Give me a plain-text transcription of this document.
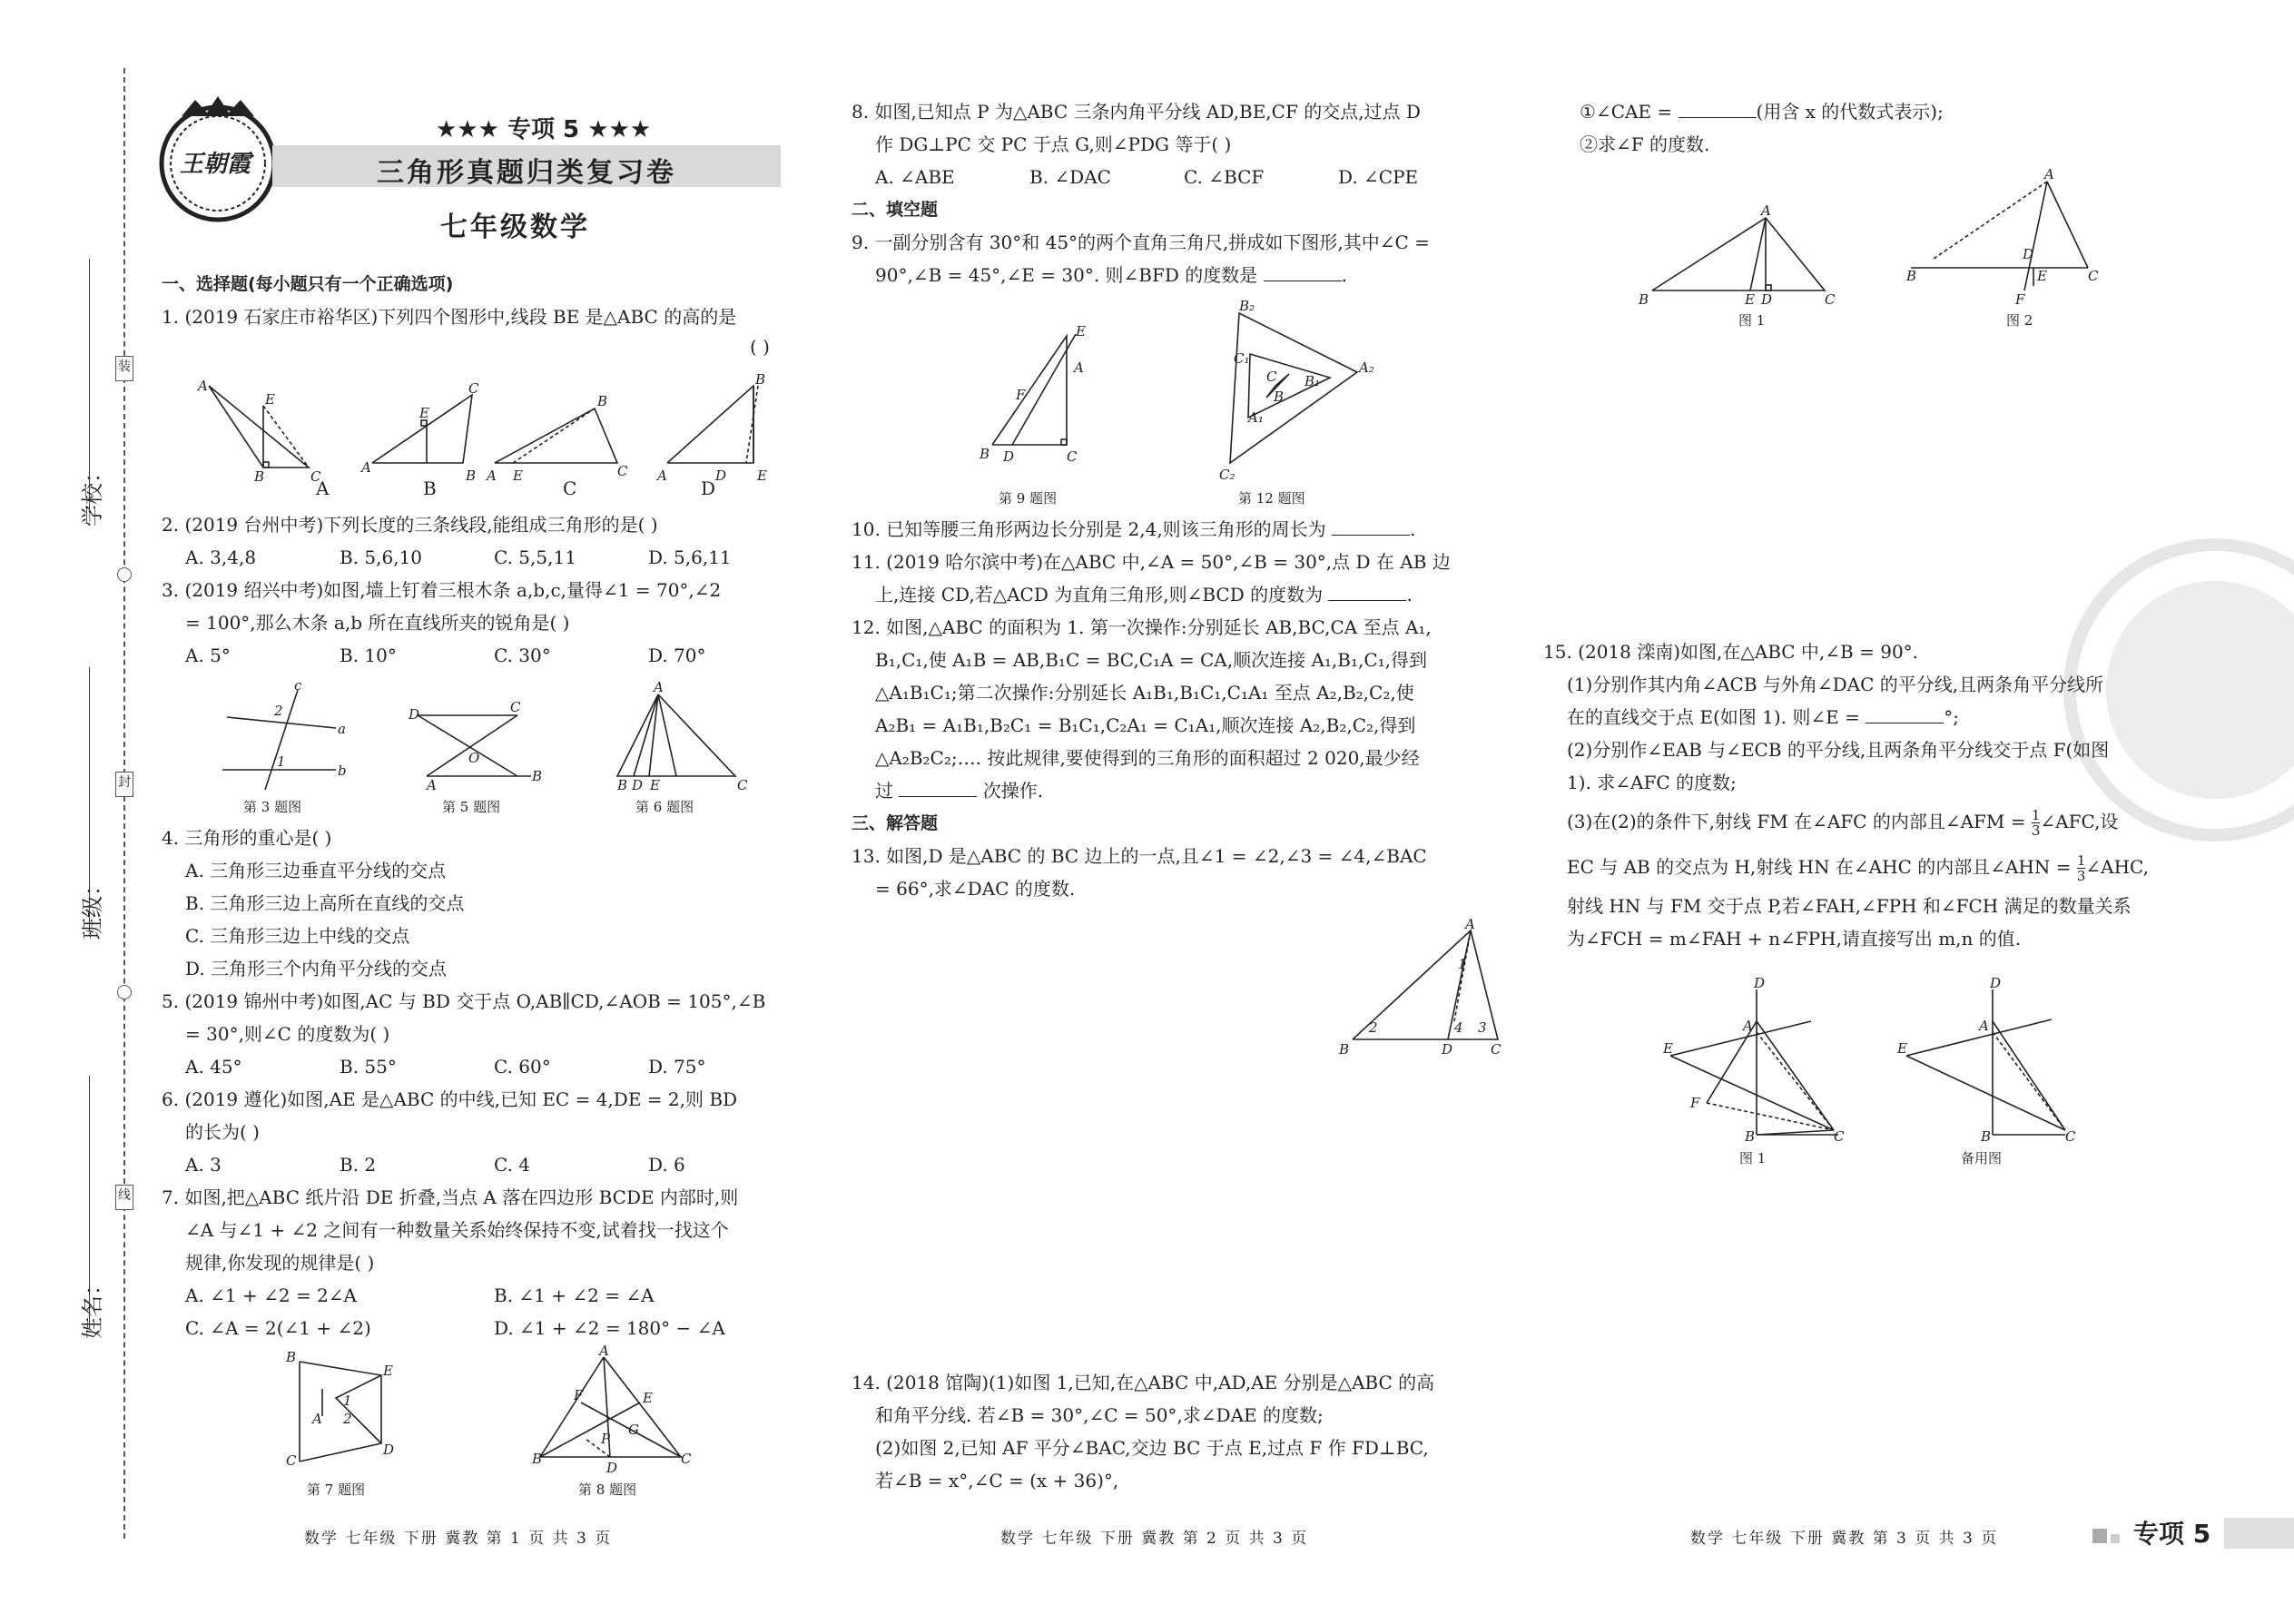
学校：
班级：
姓名：
装
封
线
王朝霞
★★★ 专项 5 ★★★
三角形真题归类复习卷
七年级数学
一、选择题(每小题只有一个正确选项)
1. (2019 石家庄市裕华区)下列四个图形中,线段 BE 是△ABC 的高的是
( )
A
E
B	C
A
E
B
C
A E	C
B
A	D E
B
A	B	C	D
2. (2019 台州中考)下列长度的三条线段,能组成三角形的是( )
A. 3,4,8	B. 5,6,10	C. 5,5,11	D. 5,6,11
3. (2019 绍兴中考)如图,墙上钉着三根木条 a,b,c,量得∠1 = 70°,∠2
= 100°,那么木条 a,b 所在直线所夹的锐角是( )
A. 5°	B. 10°	C. 30°	D. 70°
c
2
a
1
b
D	C
O
A
B
A
B D E	C
第 3 题图	第 5 题图	第 6 题图
4. 三角形的重心是( )
A. 三角形三边垂直平分线的交点
B. 三角形三边上高所在直线的交点
C. 三角形三边上中线的交点
D. 三角形三个内角平分线的交点
5. (2019 锦州中考)如图,AC 与 BD 交于点 O,AB∥CD,∠AOB = 105°,∠B
= 30°,则∠C 的度数为( )
A. 45°	B. 55°	C. 60°	D. 75°
6. (2019 遵化)如图,AE 是△ABC 的中线,已知 EC = 4,DE = 2,则 BD
的长为( )
A. 3	B. 2	C. 4	D. 6
7. 如图,把△ABC 纸片沿 DE 折叠,当点 A 落在四边形 BCDE 内部时,则
∠A 与∠1 + ∠2 之间有一种数量关系始终保持不变,试着找一找这个
规律,你发现的规律是( )
A. ∠1 + ∠2 = 2∠A	B. ∠1 + ∠2 = ∠A
C. ∠A = 2(∠1 + ∠2)	D. ∠1 + ∠2 = 180° − ∠A
B
E
1
2
A
D
C
A
F	E
G
P
B
D
C
第 7 题图	第 8 题图
8. 如图,已知点 P 为△ABC 三条内角平分线 AD,BE,CF 的交点,过点 D
作 DG⊥PC 交 PC 于点 G,则∠PDG 等于( )
A. ∠ABE	B. ∠DAC	C. ∠BCF	D. ∠CPE
二、填空题
9. 一副分别含有 30°和 45°的两个直角三角尺,拼成如下图形,其中∠C =
90°,∠B = 45°,∠E = 30°. 则∠BFD 的度数是	.
E
A
F
B D	C
B₂
C₁
C
B
B₁
A₁
A₂
C₂
第 9 题图	第 12 题图
10. 已知等腰三角形两边长分别是 2,4,则该三角形的周长为	.
11. (2019 哈尔滨中考)在△ABC 中,∠A = 50°,∠B = 30°,点 D 在 AB 边
上,连接 CD,若△ACD 为直角三角形,则∠BCD 的度数为	.
12. 如图,△ABC 的面积为 1. 第一次操作:分别延长 AB,BC,CA 至点 A₁,
B₁,C₁,使 A₁B = AB,B₁C = BC,C₁A = CA,顺次连接 A₁,B₁,C₁,得到
△A₁B₁C₁;第二次操作:分别延长 A₁B₁,B₁C₁,C₁A₁ 至点 A₂,B₂,C₂,使
A₂B₁ = A₁B₁,B₂C₁ = B₁C₁,C₂A₁ = C₁A₁,顺次连接 A₂,B₂,C₂,得到
△A₂B₂C₂;…. 按此规律,要使得到的三角形的面积超过 2 020,最少经
过	次操作.
三、解答题
13. 如图,D 是△ABC 的 BC 边上的一点,且∠1 = ∠2,∠3 = ∠4,∠BAC
= 66°,求∠DAC 的度数.
A
1
2	4 3
B	D	C
14. (2018 馆陶)(1)如图 1,已知,在△ABC 中,AD,AE 分别是△ABC 的高
和角平分线. 若∠B = 30°,∠C = 50°,求∠DAE 的度数;
(2)如图 2,已知 AF 平分∠BAC,交边 BC 于点 E,过点 F 作 FD⊥BC,
若∠B = x°,∠C = (x + 36)°,
①∠CAE =	(用含 x 的代数式表示);
②求∠F 的度数.
A
B	E D	C
A
B
D
E	C
F
图 1	图 2
15. (2018 滦南)如图,在△ABC 中,∠B = 90°.
(1)分别作其内角∠ACB 与外角∠DAC 的平分线,且两条角平分线所
在的直线交于点 E(如图 1). 则∠E =	°;
(2)分别作∠EAB 与∠ECB 的平分线,且两条角平分线交于点 F(如图
1). 求∠AFC 的度数;
(3)在(2)的条件下,射线 FM 在∠AFC 的内部且∠AFM = $\frac{1}{3}\angle AFC$,设
EC 与 AB 的交点为 H,射线 HN 在∠AHC 的内部且∠AHN = $\frac{1}{3}\angle AHC$,
射线 HN 与 FM 交于点 P,若∠FAH,∠FPH 和∠FCH 满足的数量关系
为∠FCH = m∠FAH + n∠FPH,请直接写出 m,n 的值.
D
A
E
F
B	C
D
A
E
B	C
图 1	备用图
数学 七年级 下册 冀教 第 1 页 共 3 页	数学 七年级 下册 冀教 第 2 页 共 3 页	数学 七年级 下册 冀教 第 3 页 共 3 页	专项 5
